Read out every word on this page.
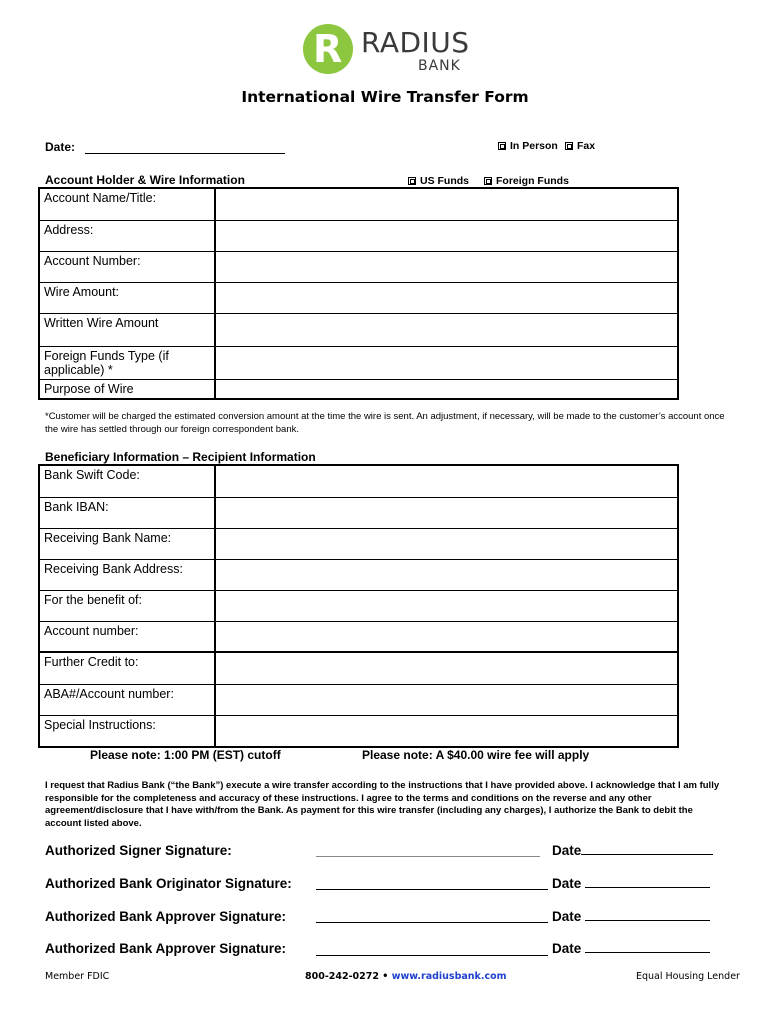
R RADIUS
BANK
International Wire Transfer Form
Date:	In Person Fax
Account Holder & Wire Information	US Funds	Foreign Funds
Account Name/Title:	
Address:	
Account Number:	
Wire Amount:	
Written Wire Amount	
Foreign Funds Type (if applicable) *	
Purpose of Wire	
*Customer will be charged the estimated conversion amount at the time the wire is sent. An adjustment, if necessary, will be made to the customer’s account once the wire has settled through our foreign correspondent bank.
Beneficiary Information – Recipient Information
Bank Swift Code:	
Bank IBAN:	
Receiving Bank Name:	
Receiving Bank Address:	
For the benefit of:	
Account number:	
Further Credit to:	
ABA#/Account number:	
Special Instructions:	
Please note: 1:00 PM (EST) cutoff	Please note: A $40.00 wire fee will apply
I request that Radius Bank (“the Bank”) execute a wire transfer according to the instructions that I have provided above. I acknowledge that I am fully responsible for the completeness and accuracy of these instructions. I agree to the terms and conditions on the reverse and any other agreement/disclosure that I have with/from the Bank. As payment for this wire transfer (including any charges), I authorize the Bank to debit the account listed above.
Authorized Signer Signature:	Date
Authorized Bank Originator Signature:	Date
Authorized Bank Approver Signature:	Date
Authorized Bank Approver Signature:	Date
Member FDIC	800-242-0272 • www.radiusbank.com	Equal Housing Lender
